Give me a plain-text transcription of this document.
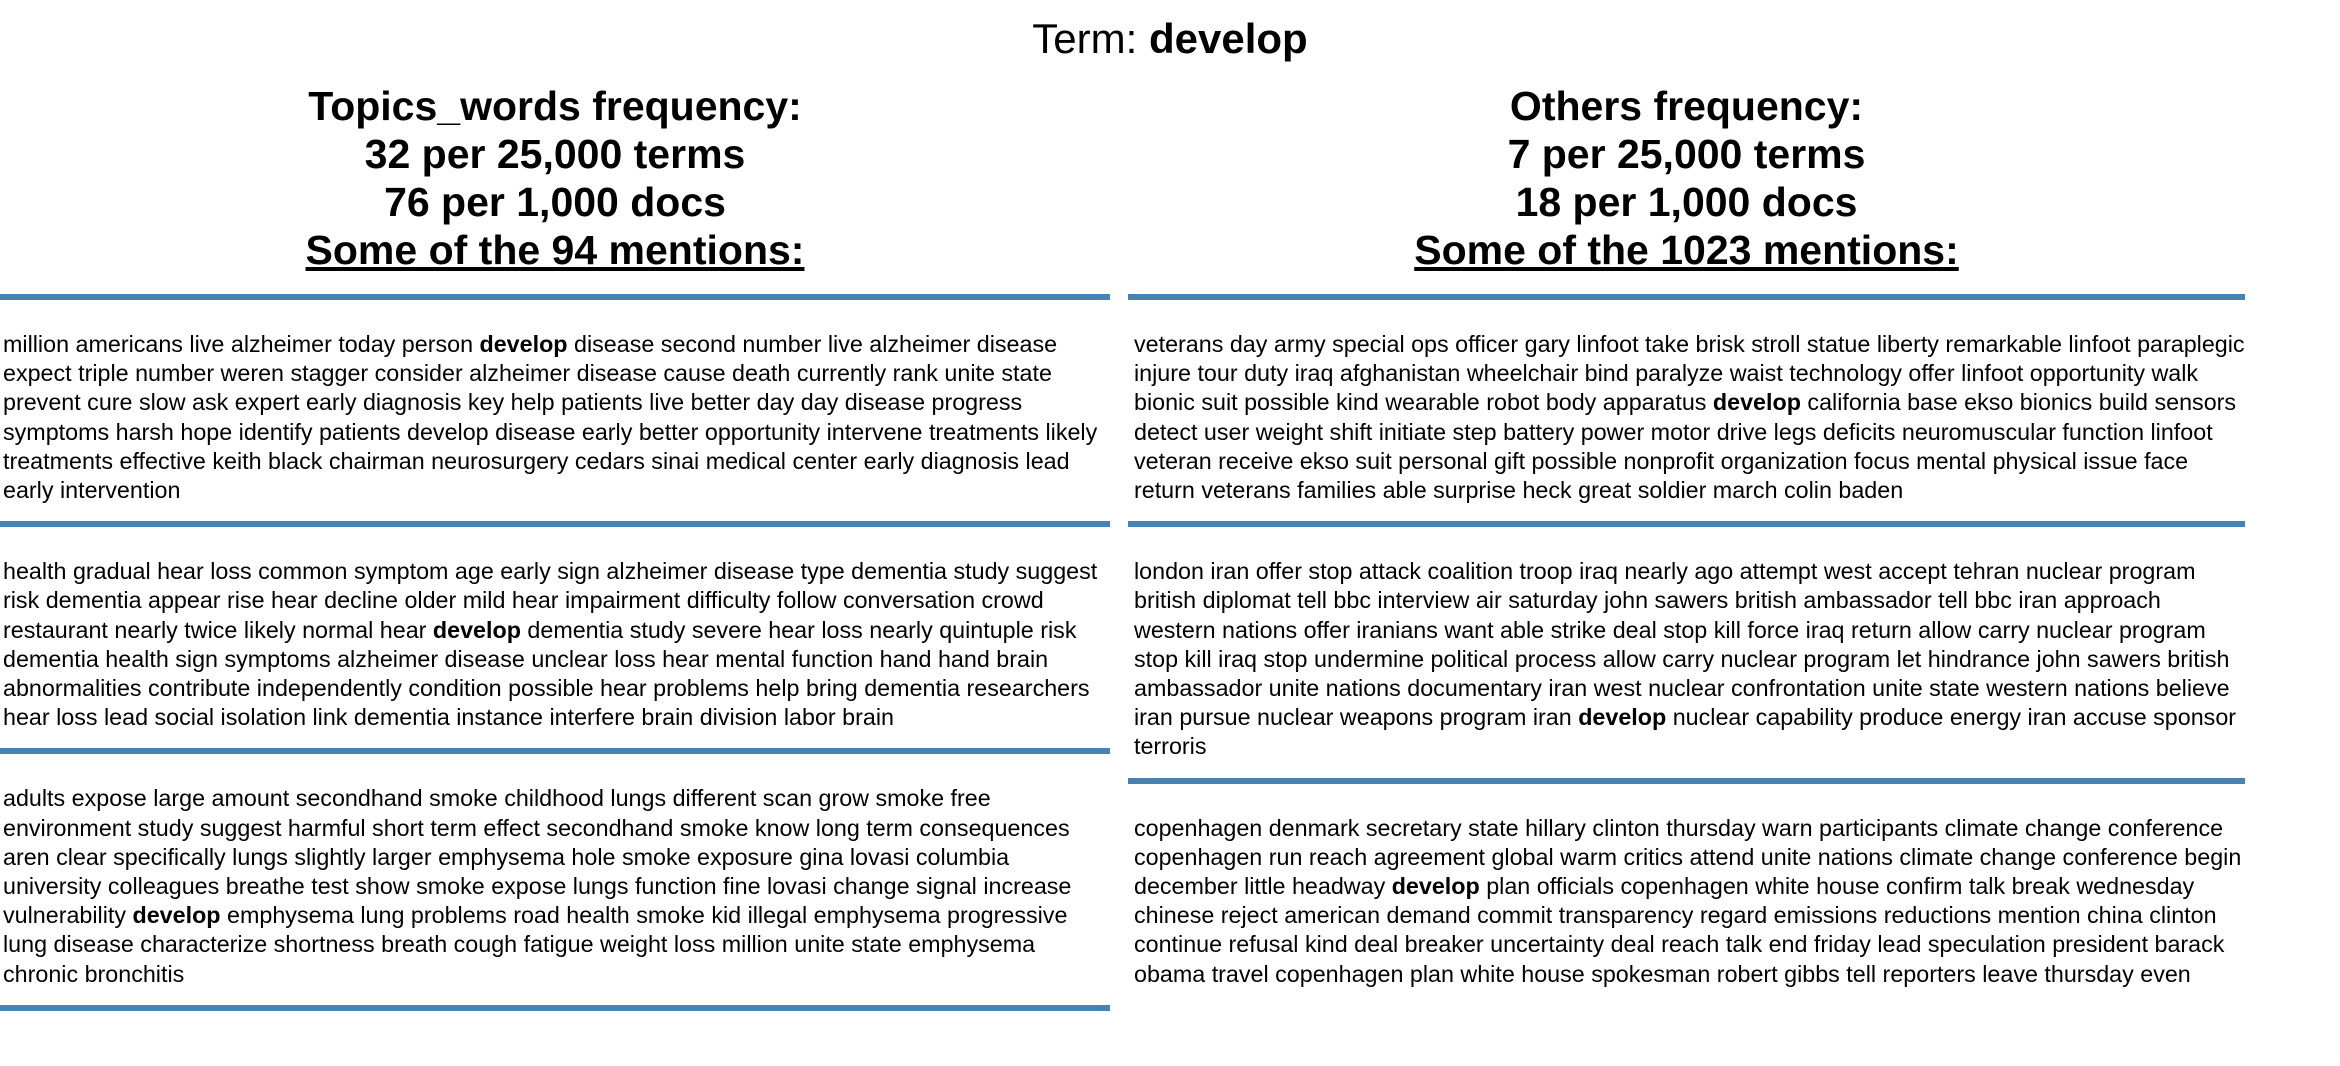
Term: develop
Topics_words frequency:
32 per 25,000 terms
76 per 1,000 docs
Some of the 94 mentions:

million americans live alzheimer today person develop disease second number live alzheimer disease expect triple number weren stagger consider alzheimer disease cause death currently rank unite state prevent cure slow ask expert early diagnosis key help patients live better day day disease progress symptoms harsh hope identify patients develop disease early better opportunity intervene treatments likely treatments effective keith black chairman neurosurgery cedars sinai medical center early diagnosis lead early intervention

health gradual hear loss common symptom age early sign alzheimer disease type dementia study suggest risk dementia appear rise hear decline older mild hear impairment difficulty follow conversation crowd restaurant nearly twice likely normal hear develop dementia study severe hear loss nearly quintuple risk dementia health sign symptoms alzheimer disease unclear loss hear mental function hand hand brain abnormalities contribute independently condition possible hear problems help bring dementia researchers hear loss lead social isolation link dementia instance interfere brain division labor brain

adults expose large amount secondhand smoke childhood lungs different scan grow smoke free environment study suggest harmful short term effect secondhand smoke know long term consequences aren clear specifically lungs slightly larger emphysema hole smoke exposure gina lovasi columbia university colleagues breathe test show smoke expose lungs function fine lovasi change signal increase vulnerability develop emphysema lung problems road health smoke kid illegal emphysema progressive lung disease characterize shortness breath cough fatigue weight loss million unite state emphysema chronic bronchitis

Others frequency:
7 per 25,000 terms
18 per 1,000 docs
Some of the 1023 mentions:

veterans day army special ops officer gary linfoot take brisk stroll statue liberty remarkable linfoot paraplegic injure tour duty iraq afghanistan wheelchair bind paralyze waist technology offer linfoot opportunity walk bionic suit possible kind wearable robot body apparatus develop california base ekso bionics build sensors detect user weight shift initiate step battery power motor drive legs deficits neuromuscular function linfoot veteran receive ekso suit personal gift possible nonprofit organization focus mental physical issue face return veterans families able surprise heck great soldier march colin baden

london iran offer stop attack coalition troop iraq nearly ago attempt west accept tehran nuclear program british diplomat tell bbc interview air saturday john sawers british ambassador tell bbc iran approach western nations offer iranians want able strike deal stop kill force iraq return allow carry nuclear program stop kill iraq stop undermine political process allow carry nuclear program let hindrance john sawers british ambassador unite nations documentary iran west nuclear confrontation unite state western nations believe iran pursue nuclear weapons program iran develop nuclear capability produce energy iran accuse sponsor terroris

copenhagen denmark secretary state hillary clinton thursday warn participants climate change conference copenhagen run reach agreement global warm critics attend unite nations climate change conference begin december little headway develop plan officials copenhagen white house confirm talk break wednesday chinese reject american demand commit transparency regard emissions reductions mention china clinton continue refusal kind deal breaker uncertainty deal reach talk end friday lead speculation president barack obama travel copenhagen plan white house spokesman robert gibbs tell reporters leave thursday even
